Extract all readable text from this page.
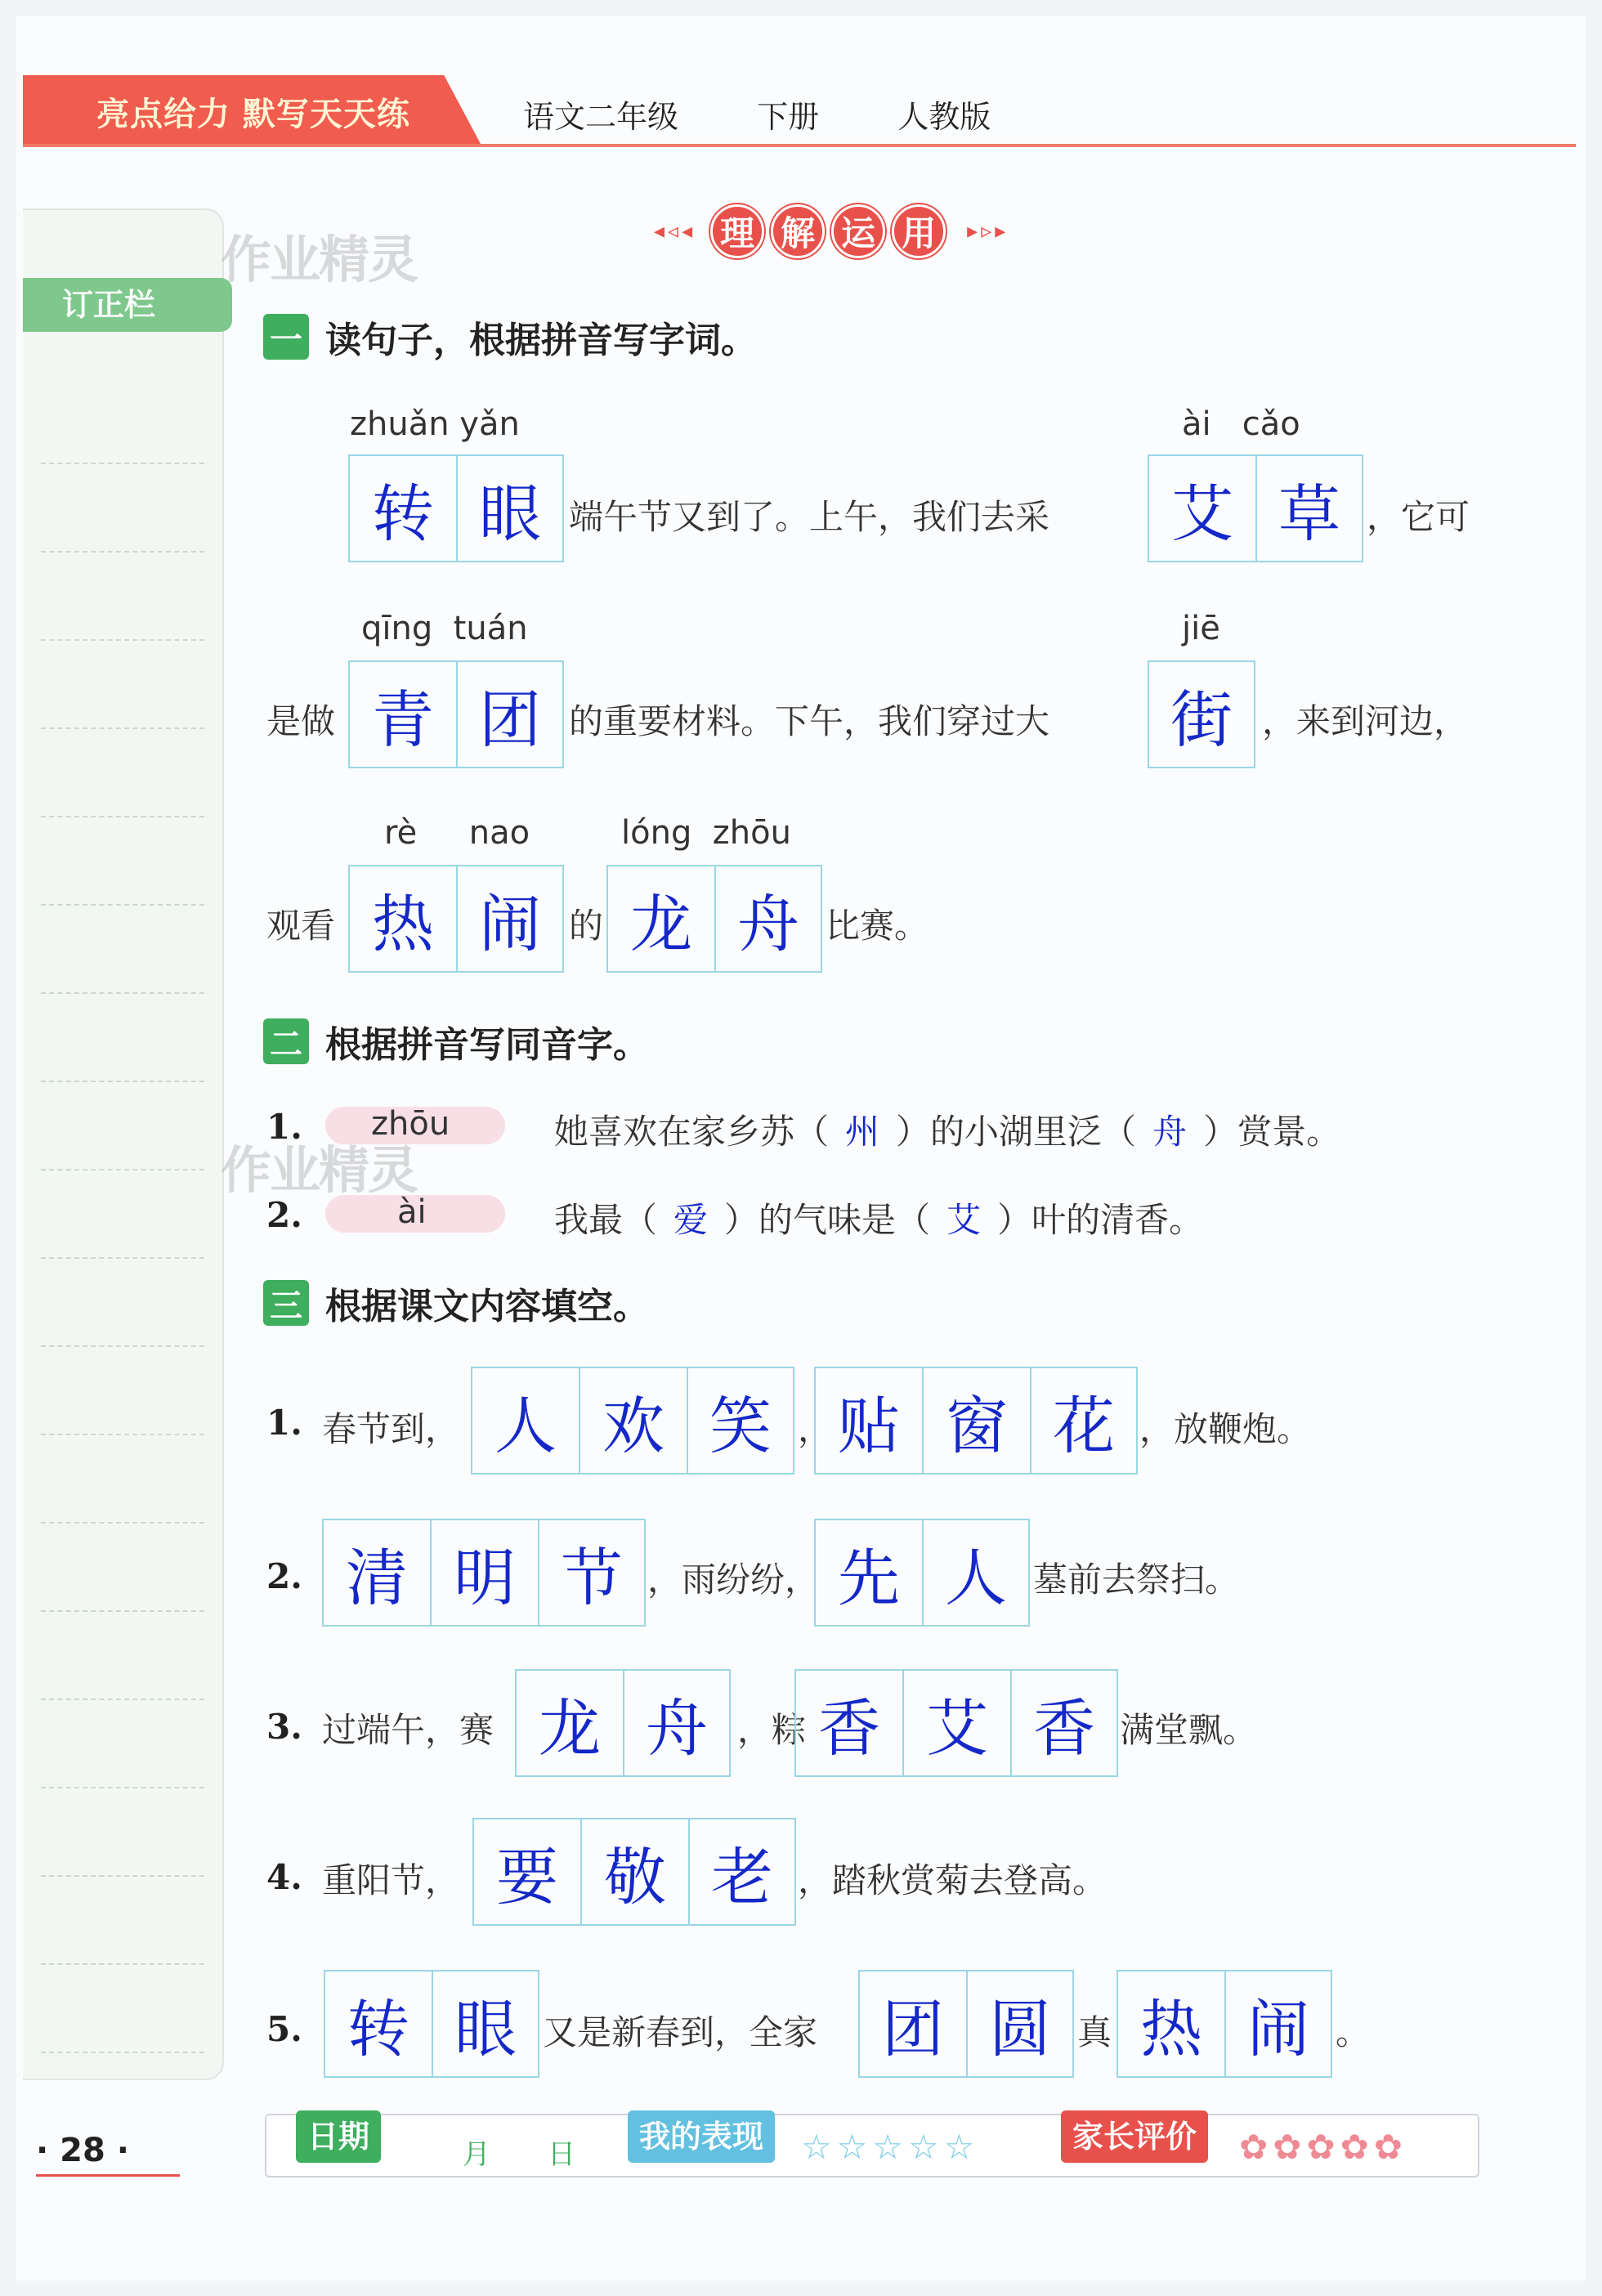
亮点给力 默写天天练	语文二年级	下册	人教版
订正栏
作业精灵
作业精灵
◂◃◂ 理 解 运 用	▸▹▸
一 读句子，根据拼音写字词。
zhuǎn yǎn	ài   cǎo
转 眼 端午节又到了。上午，我们去采	艾 草 ，它可
qīng  tuán	jiē
是做 青 团 的重要材料。下午，我们穿过大	街 ，来到河边，
rè     nao	lóng  zhōu
观看 热 闹 的 龙 舟 比赛。
二 根据拼音写同音字。
1. zhōu	她喜欢在家乡苏（ 州 ）的小湖里泛（ 舟 ）赏景。
2.	ài	我最（ 爱 ）的气味是（ 艾 ）叶的清香。
三 根据课文内容填空。
1. 春节到， 人 欢 笑 ， 贴 窗 花 ，放鞭炮。
2. 清 明 节 ，雨纷纷， 先 人 墓前去祭扫。
3. 过端午，赛 龙 舟 ，粽 香 艾 香 满堂飘。
4. 重阳节， 要 敬 老 ，踏秋赏菊去登高。
5. 转 眼 又是新春到，全家	团 圆 真 热 闹 。
· 28 ·	日期	月 日	我的表现	☆☆☆☆☆	家长评价	✿✿✿✿✿
